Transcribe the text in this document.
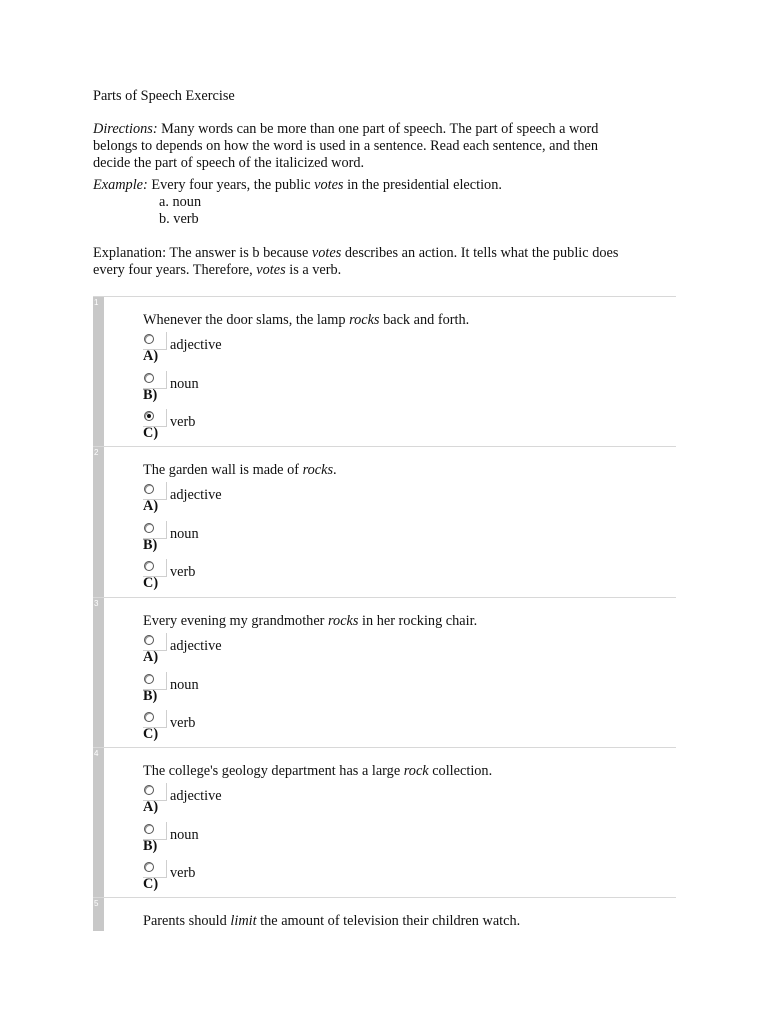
Parts of Speech Exercise
Directions: Many words can be more than one part of speech. The part of speech a word
belongs to depends on how the word is used in a sentence. Read each sentence, and then
decide the part of speech of the italicized word.
Example: Every four years, the public votes in the presidential election.
a. noun
b. verb
Explanation: The answer is b because votes describes an action. It tells what the public does
every four years. Therefore, votes is a verb.
1
Whenever the door slams, the lamp rocks back and forth.
adjective
A)
noun
B)
verb
C)
2
The garden wall is made of rocks.
adjective
A)
noun
B)
verb
C)
3
Every evening my grandmother rocks in her rocking chair.
adjective
A)
noun
B)
verb
C)
4
The college's geology department has a large rock collection.
adjective
A)
noun
B)
verb
C)
5
Parents should limit the amount of television their children watch.
